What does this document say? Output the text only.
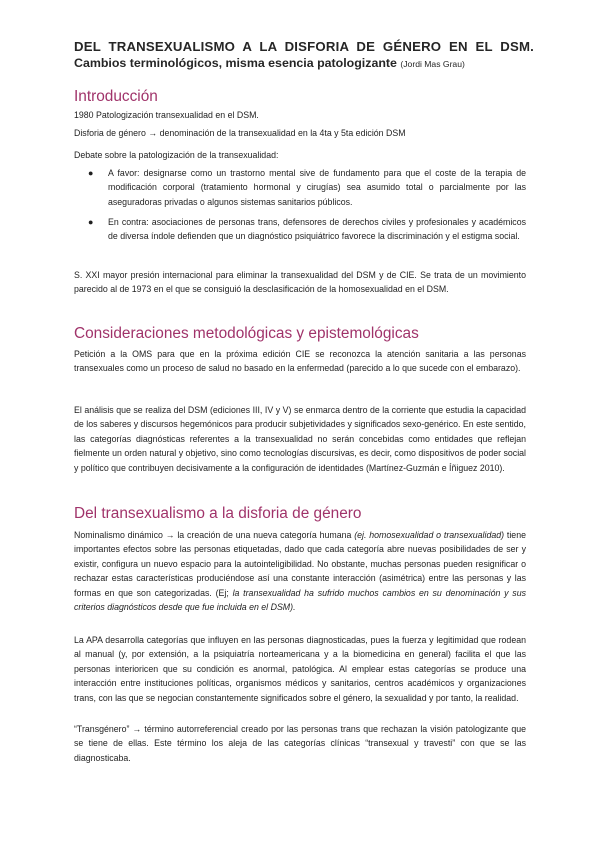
DEL TRANSEXUALISMO A LA DISFORIA DE GÉNERO EN EL DSM.
Cambios terminológicos, misma esencia patologizante (Jordi Mas Grau)
Introducción

1980 Patologización transexualidad en el DSM.

Disforia de género → denominación de la transexualidad en la 4ta y 5ta edición DSM

Debate sobre la patologización de la transexualidad:

● A favor: designarse como un trastorno mental sive de fundamento para que el coste de la terapia de modificación corporal (tratamiento hormonal y cirugías) sea asumido total o parcialmente por las aseguradoras privadas o algunos sistemas sanitarios públicos.

● En contra: asociaciones de personas trans, defensores de derechos civiles y profesionales y académicos de diversa índole defienden que un diagnóstico psiquiátrico favorece la discriminación y el estigma social.

S. XXI mayor presión internacional para eliminar la transexualidad del DSM y de CIE. Se trata de un movimiento parecido al de 1973 en el que se consiguió la desclasificación de la homosexualidad en el DSM.

Consideraciones metodológicas y epistemológicas

Petición a la OMS para que en la próxima edición CIE se reconozca la atención sanitaria a las personas transexuales como un proceso de salud no basado en la enfermedad (parecido a lo que sucede con el embarazo).

El análisis que se realiza del DSM (ediciones III, IV y V) se enmarca dentro de la corriente que estudia la capacidad de los saberes y discursos hegemónicos para producir subjetividades y significados sexo-genérico. En este sentido, las categorías diagnósticas referentes a la transexualidad no serán concebidas como entidades que reflejan fielmente un orden natural y objetivo, sino como tecnologías discursivas, es decir, como dispositivos de poder social y político que contribuyen decisivamente a la configuración de identidades (Martínez-Guzmán e Íñiguez 2010).

Del transexualismo a la disforia de género

Nominalismo dinámico → la creación de una nueva categoría humana (ej. homosexualidad o transexualidad) tiene importantes efectos sobre las personas etiquetadas, dado que cada categoría abre nuevas posibilidades de ser y existir, configura un nuevo espacio para la autointeligibilidad. No obstante, muchas personas pueden resignificar o rechazar estas características produciéndose así una constante interacción (asimétrica) entre las personas y las formas en que son categorizadas. (Ej; la transexualidad ha sufrido muchos cambios en su denominación y sus criterios diagnósticos desde que fue incluida en el DSM).

La APA desarrolla categorías que influyen en las personas diagnosticadas, pues la fuerza y legitimidad que rodean al manual (y, por extensión, a la psiquiatría norteamericana y a la biomedicina en general) facilita el que las personas interioricen que su condición es anormal, patológica. Al emplear estas categorías se produce una interacción entre instituciones políticas, organismos médicos y sanitarios, centros académicos y organizaciones trans, con las que se negocian constantemente significados sobre el género, la sexualidad y por tanto, la realidad.

“Transgénero” → término autorreferencial creado por las personas trans que rechazan la visión patologizante que se tiene de ellas. Este término los aleja de las categorías clínicas “transexual y travesti” con que se las diagnosticaba.
